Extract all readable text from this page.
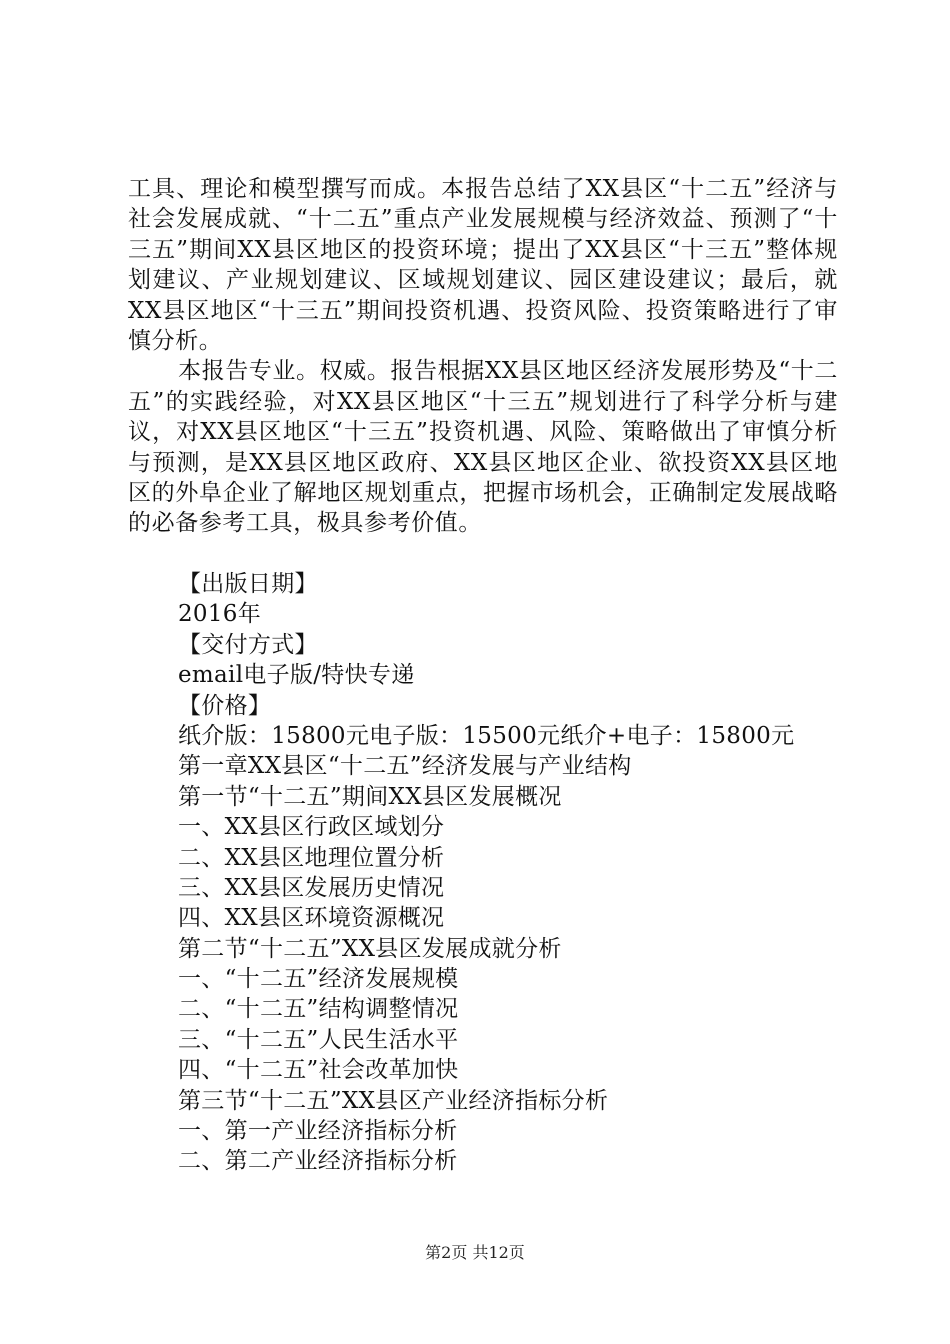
工具、理论和模型撰写而成。本报告总结了XX县区“十二五”经济与社会发展成就、“十二五”重点产业发展规模与经济效益、预测了“十三五”期间XX县区地区的投资环境；提出了XX县区“十三五”整体规划建议、产业规划建议、区域规划建议、园区建设建议；最后，就XX县区地区“十三五”期间投资机遇、投资风险、投资策略进行了审慎分析。

本报告专业。权威。报告根据XX县区地区经济发展形势及“十二五”的实践经验，对XX县区地区“十三五”规划进行了科学分析与建议，对XX县区地区“十三五”投资机遇、风险、策略做出了审慎分析与预测，是XX县区地区政府、XX县区地区企业、欲投资XX县区地区的外阜企业了解地区规划重点，把握市场机会，正确制定发展战略的必备参考工具，极具参考价值。

【出版日期】
2016年
【交付方式】
email电子版/特快专递
【价格】
纸介版：15800元电子版：15500元纸介+电子：15800元
第一章XX县区“十二五”经济发展与产业结构
第一节“十二五”期间XX县区发展概况
一、XX县区行政区域划分
二、XX县区地理位置分析
三、XX县区发展历史情况
四、XX县区环境资源概况
第二节“十二五”XX县区发展成就分析
一、“十二五”经济发展规模
二、“十二五”结构调整情况
三、“十二五”人民生活水平
四、“十二五”社会改革加快
第三节“十二五”XX县区产业经济指标分析
一、第一产业经济指标分析
二、第二产业经济指标分析
第2页 共12页
